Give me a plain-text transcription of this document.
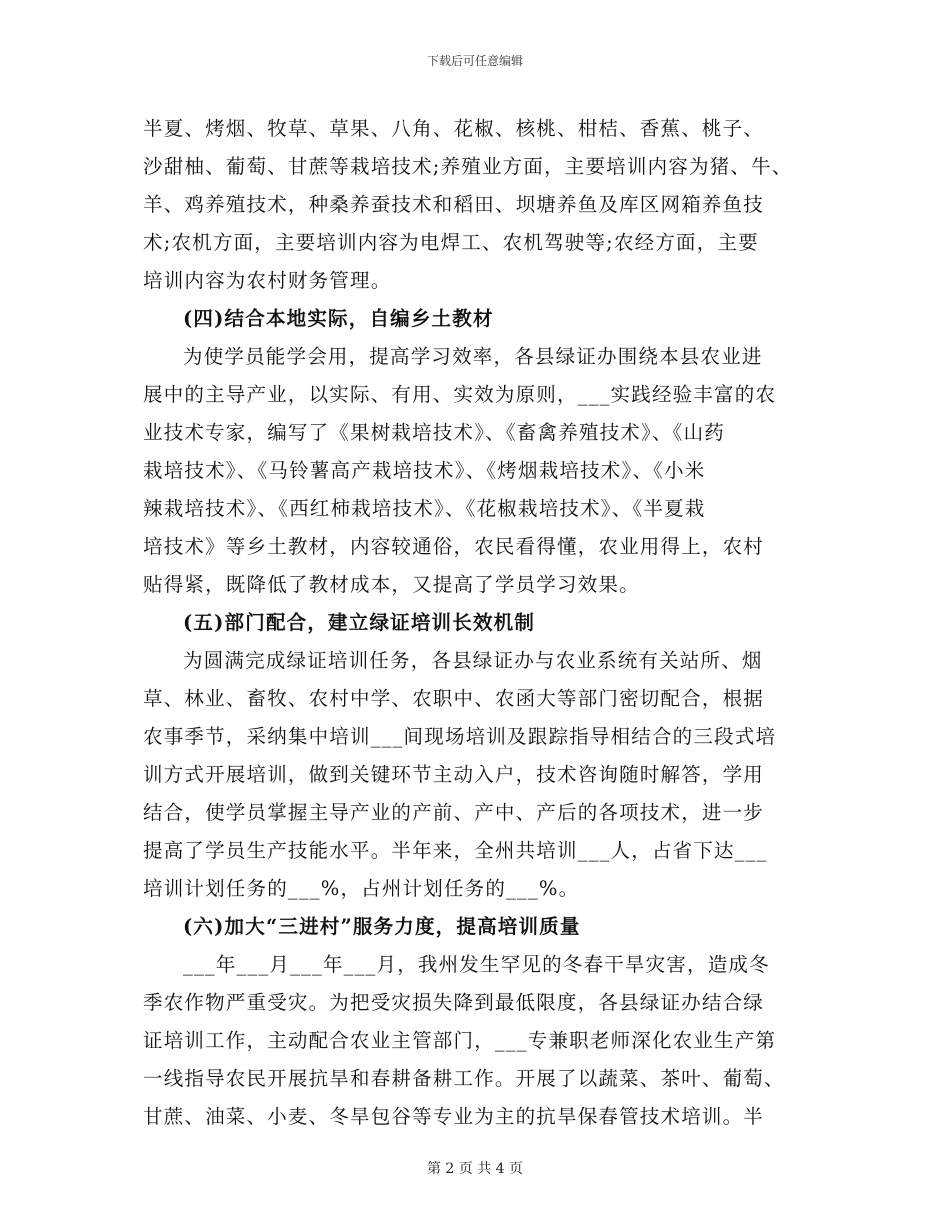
下载后可任意编辑
半夏、烤烟、牧草、草果、八角、花椒、核桃、柑桔、香蕉、桃子、
沙甜柚、葡萄、甘蔗等栽培技术;养殖业方面，主要培训内容为猪、牛、
羊、鸡养殖技术，种桑养蚕技术和稻田、坝塘养鱼及库区网箱养鱼技
术;农机方面，主要培训内容为电焊工、农机驾驶等;农经方面，主要
培训内容为农村财务管理。
(四)结合本地实际，自编乡土教材
为使学员能学会用，提高学习效率，各县绿证办围绕本县农业进
展中的主导产业，以实际、有用、实效为原则，___实践经验丰富的农
业技术专家，编写了《果树栽培技术》、《畜禽养殖技术》、《山药
栽培技术》、《马铃薯高产栽培技术》、《烤烟栽培技术》、《小米
辣栽培技术》、《西红柿栽培技术》、《花椒栽培技术》、《半夏栽
培技术》等乡土教材，内容较通俗，农民看得懂，农业用得上，农村
贴得紧，既降低了教材成本，又提高了学员学习效果。
(五)部门配合，建立绿证培训长效机制
为圆满完成绿证培训任务，各县绿证办与农业系统有关站所、烟
草、林业、畜牧、农村中学、农职中、农函大等部门密切配合，根据
农事季节，采纳集中培训___间现场培训及跟踪指导相结合的三段式培
训方式开展培训，做到关键环节主动入户，技术咨询随时解答，学用
结合，使学员掌握主导产业的产前、产中、产后的各项技术，进一步
提高了学员生产技能水平。半年来，全州共培训___人，占省下达___
培训计划任务的___%，占州计划任务的___%。
(六)加大“三进村”服务力度，提高培训质量
___年___月___年___月，我州发生罕见的冬春干旱灾害，造成冬
季农作物严重受灾。为把受灾损失降到最低限度，各县绿证办结合绿
证培训工作，主动配合农业主管部门，___专兼职老师深化农业生产第
一线指导农民开展抗旱和春耕备耕工作。开展了以蔬菜、茶叶、葡萄、
甘蔗、油菜、小麦、冬旱包谷等专业为主的抗旱保春管技术培训。半
第 2 页 共 4 页
